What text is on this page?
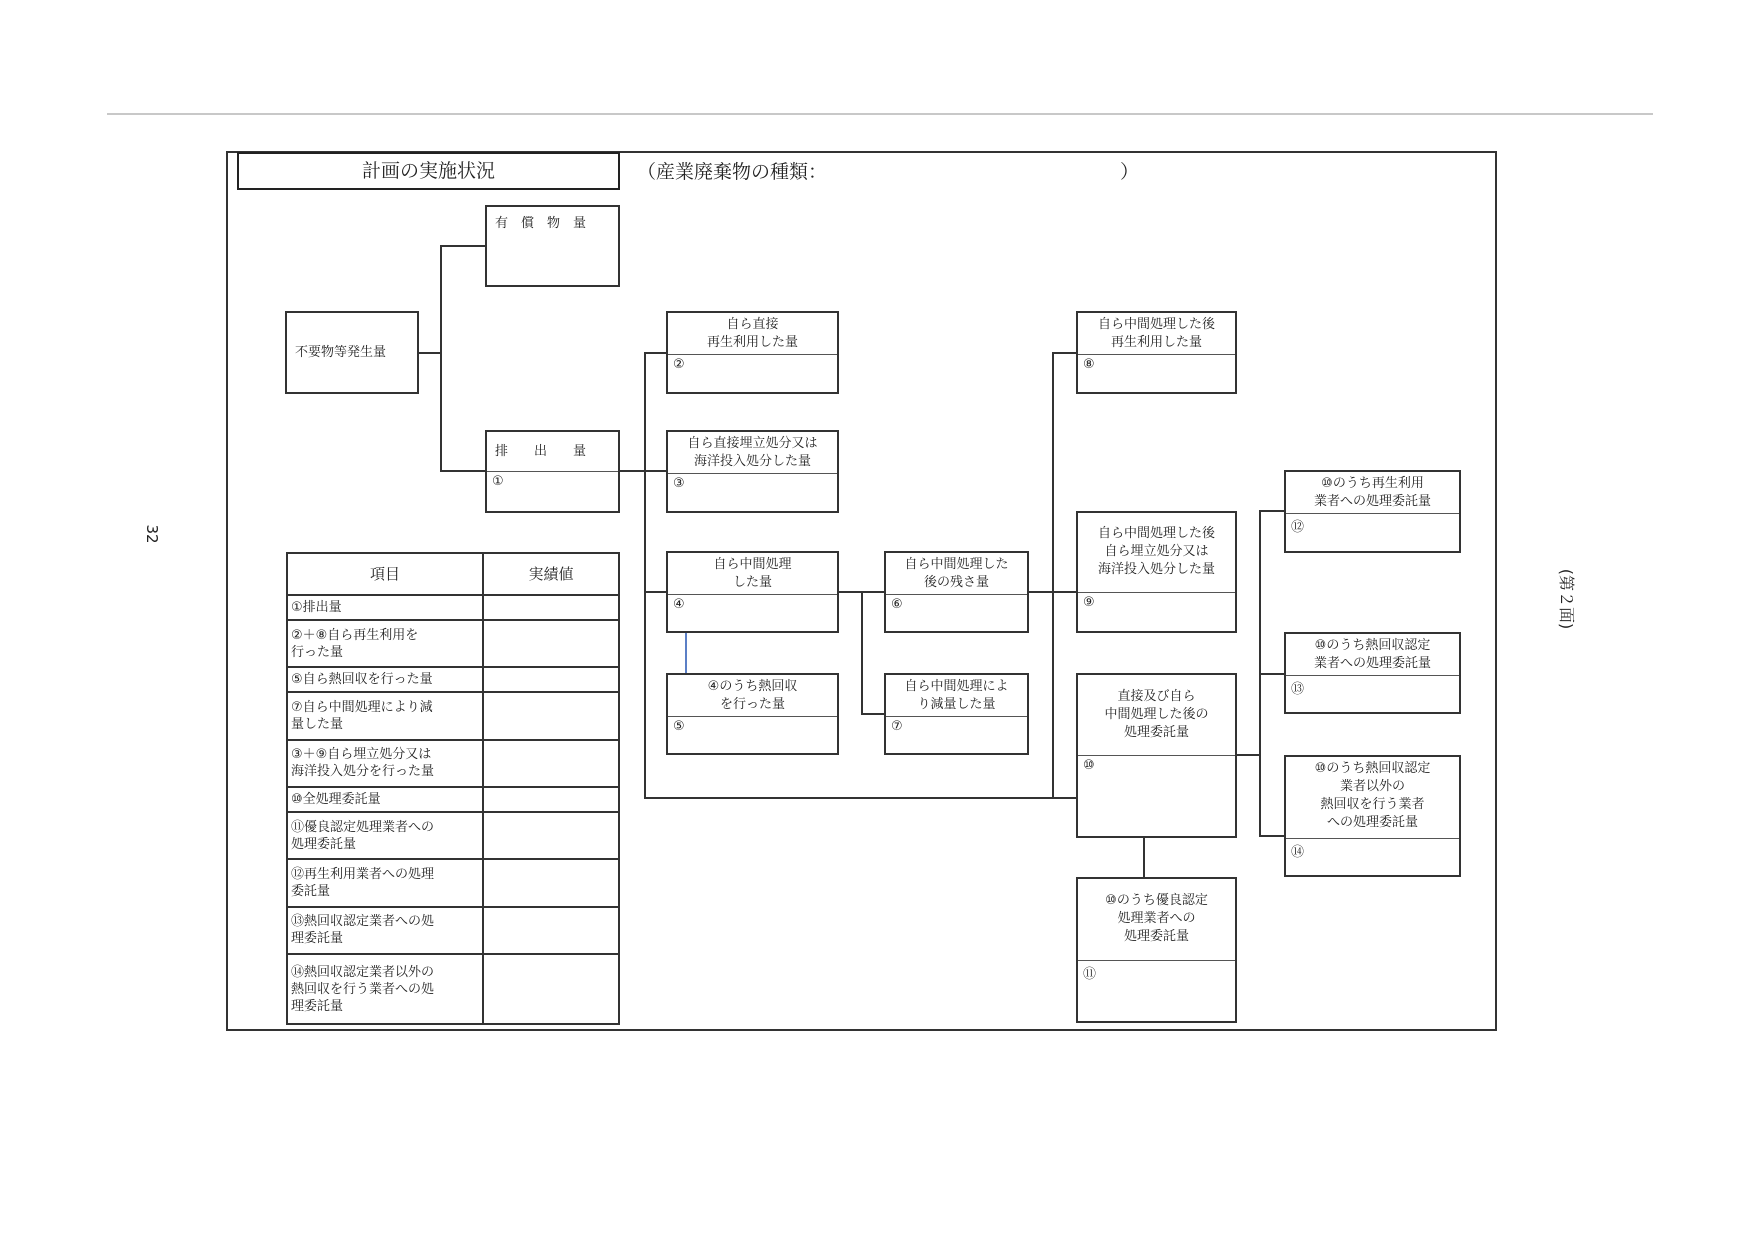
32
(第２面)
計画の実施状況	（産業廃棄物の種類：	）
有　償　物　量
不要物等発生量
排　　出　　量
①
自ら直接
再生利用した量
②
自ら直接埋立処分又は
海洋投入処分した量
③
自ら中間処理
した量
④
④のうち熱回収
を行った量
⑤
自ら中間処理した
後の残さ量
⑥
自ら中間処理によ
り減量した量
⑦
自ら中間処理した後
再生利用した量
⑧
自ら中間処理した後
自ら埋立処分又は
海洋投入処分した量
⑨
直接及び自ら
中間処理した後の
処理委託量
⑩
⑩のうち優良認定
処理業者への
処理委託量
⑪
⑩のうち再生利用
業者への処理委託量
⑫
⑩のうち熱回収認定
業者への処理委託量
⑬
⑩のうち熱回収認定
業者以外の
熱回収を行う業者
への処理委託量
⑭
項目	実績値
①排出量	
②＋⑧自ら再生利用を
行った量	
⑤自ら熱回収を行った量	
⑦自ら中間処理により減
量した量	
③＋⑨自ら埋立処分又は
海洋投入処分を行った量	
⑩全処理委託量	
⑪優良認定処理業者への
処理委託量	
⑫再生利用業者への処理
委託量	
⑬熱回収認定業者への処
理委託量	
⑭熱回収認定業者以外の
熱回収を行う業者への処
理委託量	
